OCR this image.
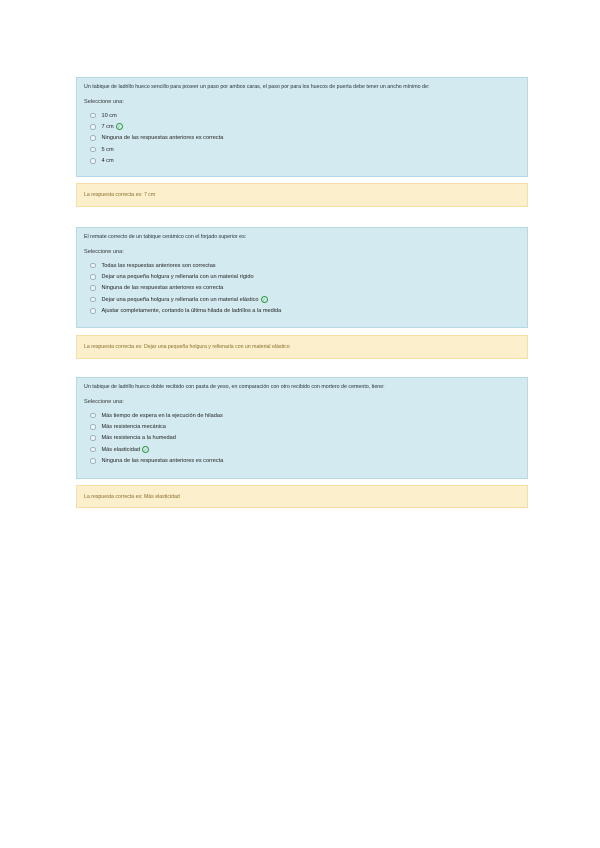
Un tabique de ladrillo hueco sencillo para poseer un paso por ambos caras, el paso por para los huecos de puerta debe tener un ancho mínimo de:

Seleccione una:

10 cm
7 cm ✓
Ninguna de las respuestas anteriores es correcta
5 cm
4 cm
La respuesta correcta es: 7 cm

El remate correcto de un tabique cerámico con el forjado superior es:

Seleccione una:

Todas las respuestas anteriores son correctas
Dejar una pequeña holgura y rellenarla con un material rígido
Ninguna de las respuestas anteriores es correcta
Dejar una pequeña holgura y rellenarla con un material elástico ✓
Ajustar completamente, cortando la última hilada de ladrillos a la medida
La respuesta correcta es: Dejar una pequeña holgura y rellenarla con un material elástico

Un tabique de ladrillo hueco doble recibido con pasta de yeso, en comparación con otro recibido con mortero de cemento, tiene:

Seleccione una:

Más tiempo de espera en la ejecución de hiladas
Más resistencia mecánica
Más resistencia a la humedad
Más elasticidad ✓
Ninguna de las respuestas anteriores es correcta
La respuesta correcta es: Más elasticidad
